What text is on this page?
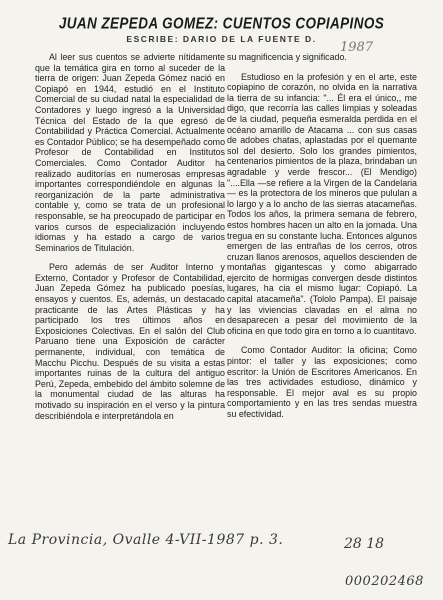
JUAN ZEPEDA GOMEZ: CUENTOS COPIAPINOS
ESCRIBE: DARIO DE LA FUENTE D.
1987

Al leer sus cuentos se advierte nítidamente que la temática gira en torno al suceder de la tierra de origen: Juan Zepeda Gómez nació en Copiapó en 1944, estudió en el Instituto Comercial de su ciudad natal la especialidad de Contadores y luego ingresó a la Universidad Técnica del Estado de la que egresó de Contabilidad y Práctica Comercial. Actualmente es Contador Público; se ha desempeñado como Profesor de Contabilidad en Institutos Comerciales. Como Contador Auditor ha realizado auditorías en numerosas empresas importantes correspondiéndole en algunas la reorganización de la parte administrativa contable y, como se trata de un profesional responsable, se ha preocupado de participar en varios cursos de especialización incluyendo idiomas y ha estado a cargo de varios Seminarios de Titulación.

Pero además de ser Auditor Interno y Externo, Contador y Profesor de Contabilidad, Juan Zepeda Gómez ha publicado poesías, ensayos y cuentos. Es, además, un destacado practicante de las Artes Plásticas y ha participado los tres últimos años en Exposiciones Colectivas. En el salón del Club Paruano tiene una Exposición de carácter permanente, individual, con temática de Macchu Picchu. Después de su visita a estas importantes ruinas de la cultura del antiguo Perú, Zepeda, embebido del ámbito solemne de la monumental ciudad de las alturas ha motivado su inspiración en el verso y la pintura describiéndola e interpretándola en

su magnificencia y significado.

Estudioso en la profesión y en el arte, este copiapino de corazón, no olvida en la narrativa la tierra de su infancia: "... Él era el único,, me digo, que recorría las calles limpias y soleadas de la ciudad, pequeña esmeralda perdida en el océano amarillo de Atacama ... con sus casas de adobes chatas, aplastadas por el quemante sol del desierto. Solo los grandes pimientos, centenarios pimientos de la plaza, brindaban un agradable y verde frescor... (El Mendigo) "....Ella —se refiere a la Virgen de la Candelaria— es la protectora de los mineros que pululan a lo largo y a lo ancho de las sierras atacameñas. Todos los años, la primera semana de febrero, estos hombres hacen un alto en la jornada. Una tregua en su constante lucha. Entonces algunos emergen de las entrañas de los cerros, otros cruzan llanos arenosos, aquellos descienden de montañas gigantescas y como abigarrado ejercito de hormigas convergen desde distintos lugares, ha cia el mismo lugar: Copiapó. La capital atacameña". (Tololo Pampa). El paisaje y las viviencias clavadas en el alma no desaparecen a pesar del movimiento de la oficina en que todo gira en torno a lo cuantitavo.

Como Contador Auditor: la oficina; Como pintor: el taller y las exposiciones; como escritor: la Unión de Escritores Americanos. En las tres actividades estudioso, dinámico y responsable. El mejor aval es su propio comportamiento y en las tres sendas muestra su efectividad.

La Provincia, Ovalle 4-VII-1987 p. 3.	28 18
000202468
